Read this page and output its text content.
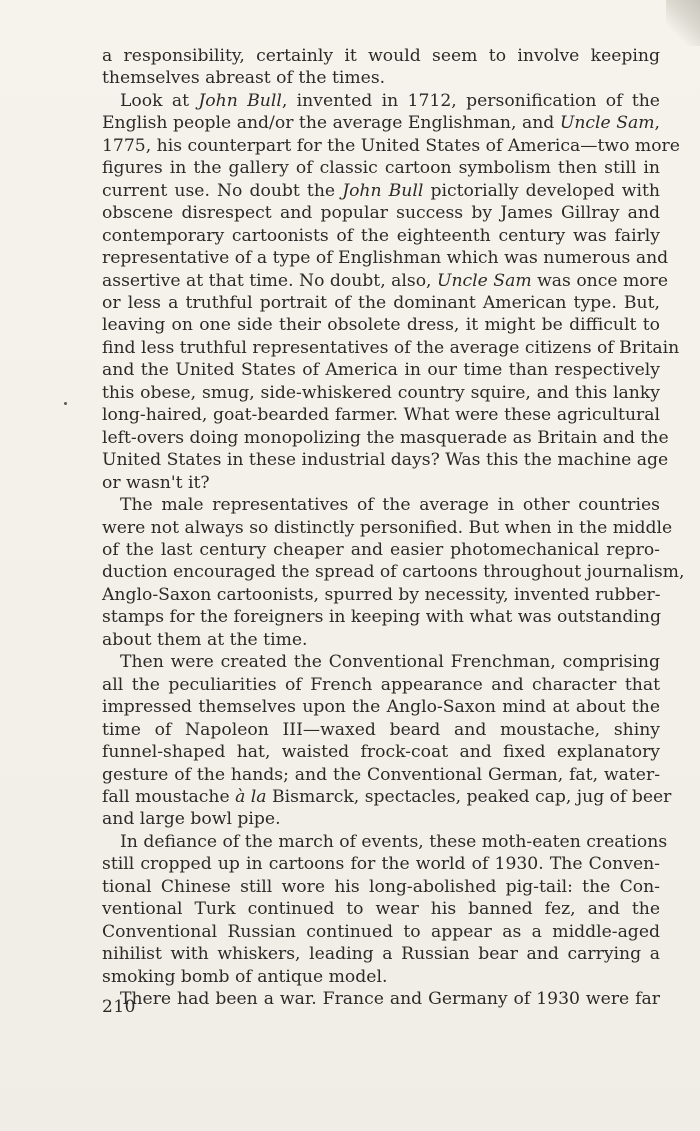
a responsibility, certainly it would seem to involve keeping
themselves abreast of the times.
Look at John Bull, invented in 1712, personification of the
English people and/or the average Englishman, and Uncle Sam,
1775, his counterpart for the United States of America—two more
figures in the gallery of classic cartoon symbolism then still in
current use. No doubt the John Bull pictorially developed with
obscene disrespect and popular success by James Gillray and
contemporary cartoonists of the eighteenth century was fairly
representative of a type of Englishman which was numerous and
assertive at that time. No doubt, also, Uncle Sam was once more
or less a truthful portrait of the dominant American type. But,
leaving on one side their obsolete dress, it might be difficult to
find less truthful representatives of the average citizens of Britain
and the United States of America in our time than respectively
this obese, smug, side-whiskered country squire, and this lanky
long-haired, goat-bearded farmer. What were these agricultural
left-overs doing monopolizing the masquerade as Britain and the
United States in these industrial days? Was this the machine age
or wasn't it?
The male representatives of the average in other countries
were not always so distinctly personified. But when in the middle
of the last century cheaper and easier photomechanical repro-
duction encouraged the spread of cartoons throughout journalism,
Anglo-Saxon cartoonists, spurred by necessity, invented rubber-
stamps for the foreigners in keeping with what was outstanding
about them at the time.
Then were created the Conventional Frenchman, comprising
all the peculiarities of French appearance and character that
impressed themselves upon the Anglo-Saxon mind at about the
time of Napoleon III—waxed beard and moustache, shiny
funnel-shaped hat, waisted frock-coat and fixed explanatory
gesture of the hands; and the Conventional German, fat, water-
fall moustache à la Bismarck, spectacles, peaked cap, jug of beer
and large bowl pipe.
In defiance of the march of events, these moth-eaten creations
still cropped up in cartoons for the world of 1930. The Conven-
tional Chinese still wore his long-abolished pig-tail: the Con-
ventional Turk continued to wear his banned fez, and the
Conventional Russian continued to appear as a middle-aged
nihilist with whiskers, leading a Russian bear and carrying a
smoking bomb of antique model.
There had been a war. France and Germany of 1930 were far
210
